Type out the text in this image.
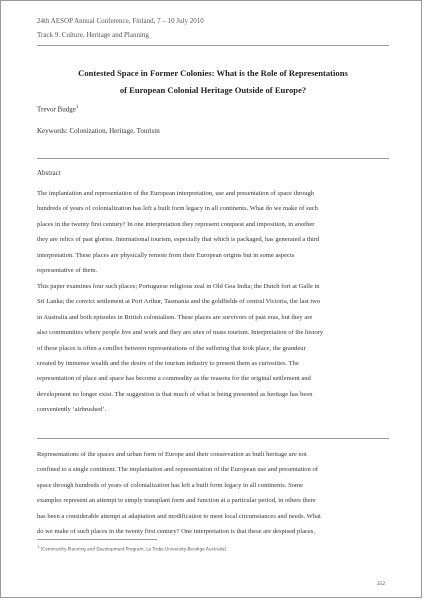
24th AESOP Annual Conference, Finland, 7 – 10 July 2010
Track 9. Culture, Heritage and Planning
Contested Space in Former Colonies: What is the Role of Representations
of European Colonial Heritage Outside of Europe?
Trevor Budge$^1$
Keywords: Colonization, Heritage, Tourism
Abstract
The implantation and representation of the European interpretation, use and presentation of space through
hundreds of years of colonialization has left a built form legacy in all continents. What do we make of such
places in the twenty first century? In one interpretation they represent conquest and imposition, in another
they are relics of past glories. International tourism, especially that which is packaged, has generated a third
interpretation. These places are physically remote from their European origins but in some aspects
representative of them.
This paper examines four such places; Portuguese religious zeal in Old Goa India; the Dutch fort at Galle in
Sri Lanka; the convict settlement at Port Arthur, Tasmania and the goldfields of central Victoria, the last two
in Australia and both episodes in British colonialism. These places are survivors of past eras, but they are
also communities where people live and work and they are sites of mass tourism. Interpretation of the history
of these places is often a conflict between representations of the suffering that took place, the grandeur
created by immense wealth and the desire of the tourism industry to present them as curiosities. The
representation of place and space has become a commodity as the reasons for the original settlement and
development no longer exist. The suggestion is that much of what is being presented as heritage has been
conveniently ‘airbrushed’.
Representations of the spaces and urban form of Europe and their conservation as built heritage are not
confined to a single continent. The implantation and representation of the European use and presentation of
space through hundreds of years of colonialization has left a built form legacy in all continents. Some
examples represent an attempt to simply transplant form and function at a particular period, in others there
has been a considerable attempt at adaptation and modification to meet local circumstances and needs. What
do we make of such places in the twenty first century? One interpretation is that these are despised places,
$^1$ [Community Planning and Development Program, La Trobe University-Bendigo Australia]
352
